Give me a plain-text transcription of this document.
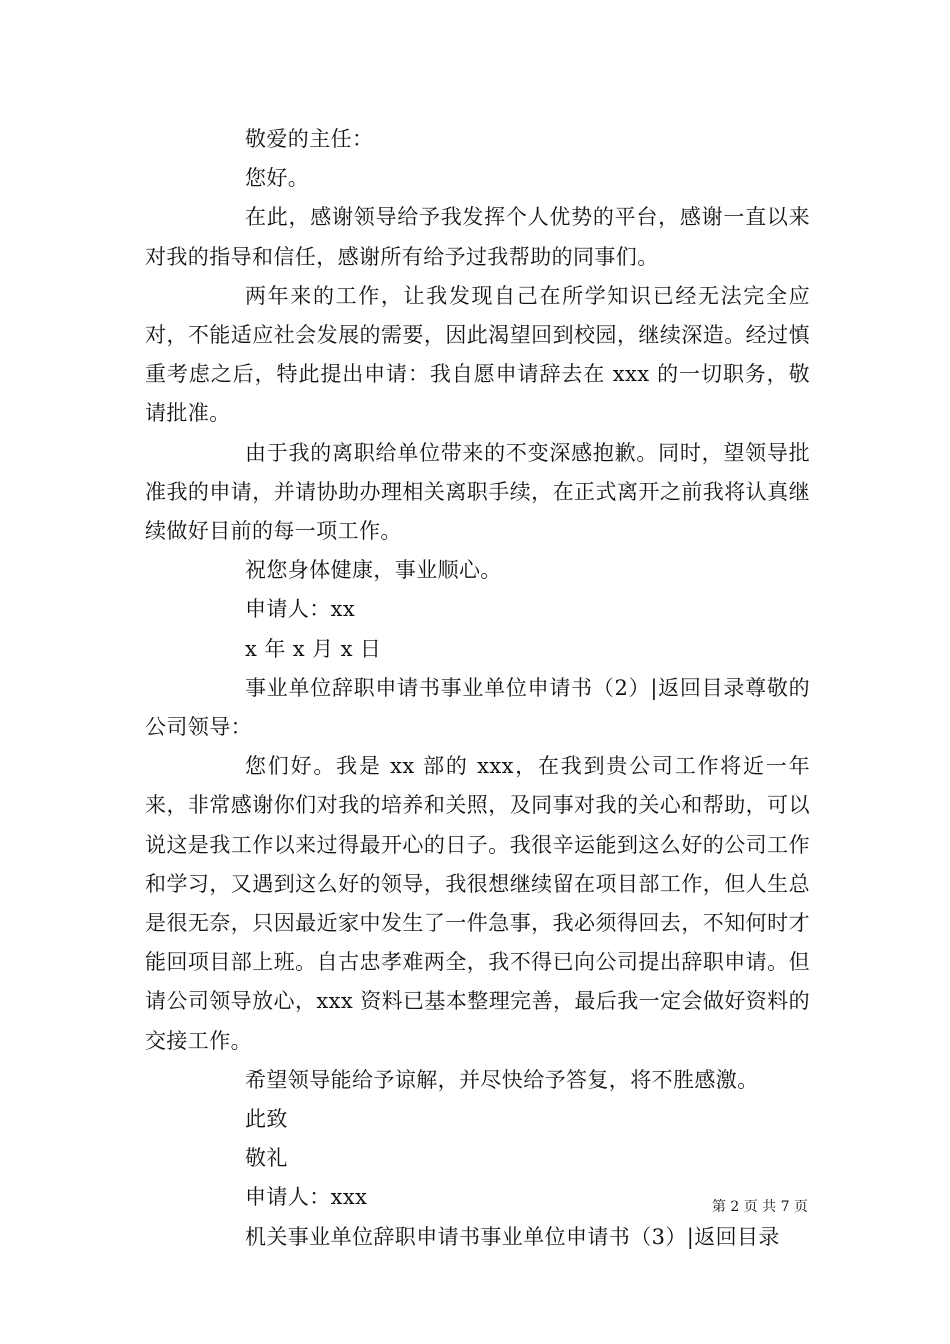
敬爱的主任：

您好。

在此，感谢领导给予我发挥个人优势的平台，感谢一直以来对我的指导和信任，感谢所有给予过我帮助的同事们。

两年来的工作，让我发现自己在所学知识已经无法完全应对，不能适应社会发展的需要，因此渴望回到校园，继续深造。经过慎重考虑之后，特此提出申请：我自愿申请辞去在 xxx 的一切职务，敬请批准。

由于我的离职给单位带来的不变深感抱歉。同时，望领导批准我的申请，并请协助办理相关离职手续，在正式离开之前我将认真继续做好目前的每一项工作。

祝您身体健康，事业顺心。

申请人：xx

x 年 x 月 x 日

事业单位辞职申请书事业单位申请书（2）|返回目录尊敬的公司领导：

您们好。我是 xx 部的 xxx，在我到贵公司工作将近一年来，非常感谢你们对我的培养和关照，及同事对我的关心和帮助，可以说这是我工作以来过得最开心的日子。我很辛运能到这么好的公司工作和学习，又遇到这么好的领导，我很想继续留在项目部工作，但人生总是很无奈，只因最近家中发生了一件急事，我必须得回去，不知何时才能回项目部上班。自古忠孝难两全，我不得已向公司提出辞职申请。但请公司领导放心，xxx 资料已基本整理完善，最后我一定会做好资料的交接工作。

希望领导能给予谅解，并尽快给予答复，将不胜感激。

此致

敬礼

申请人：xxx

机关事业单位辞职申请书事业单位申请书（3）|返回目录

第 2 页 共 7 页
